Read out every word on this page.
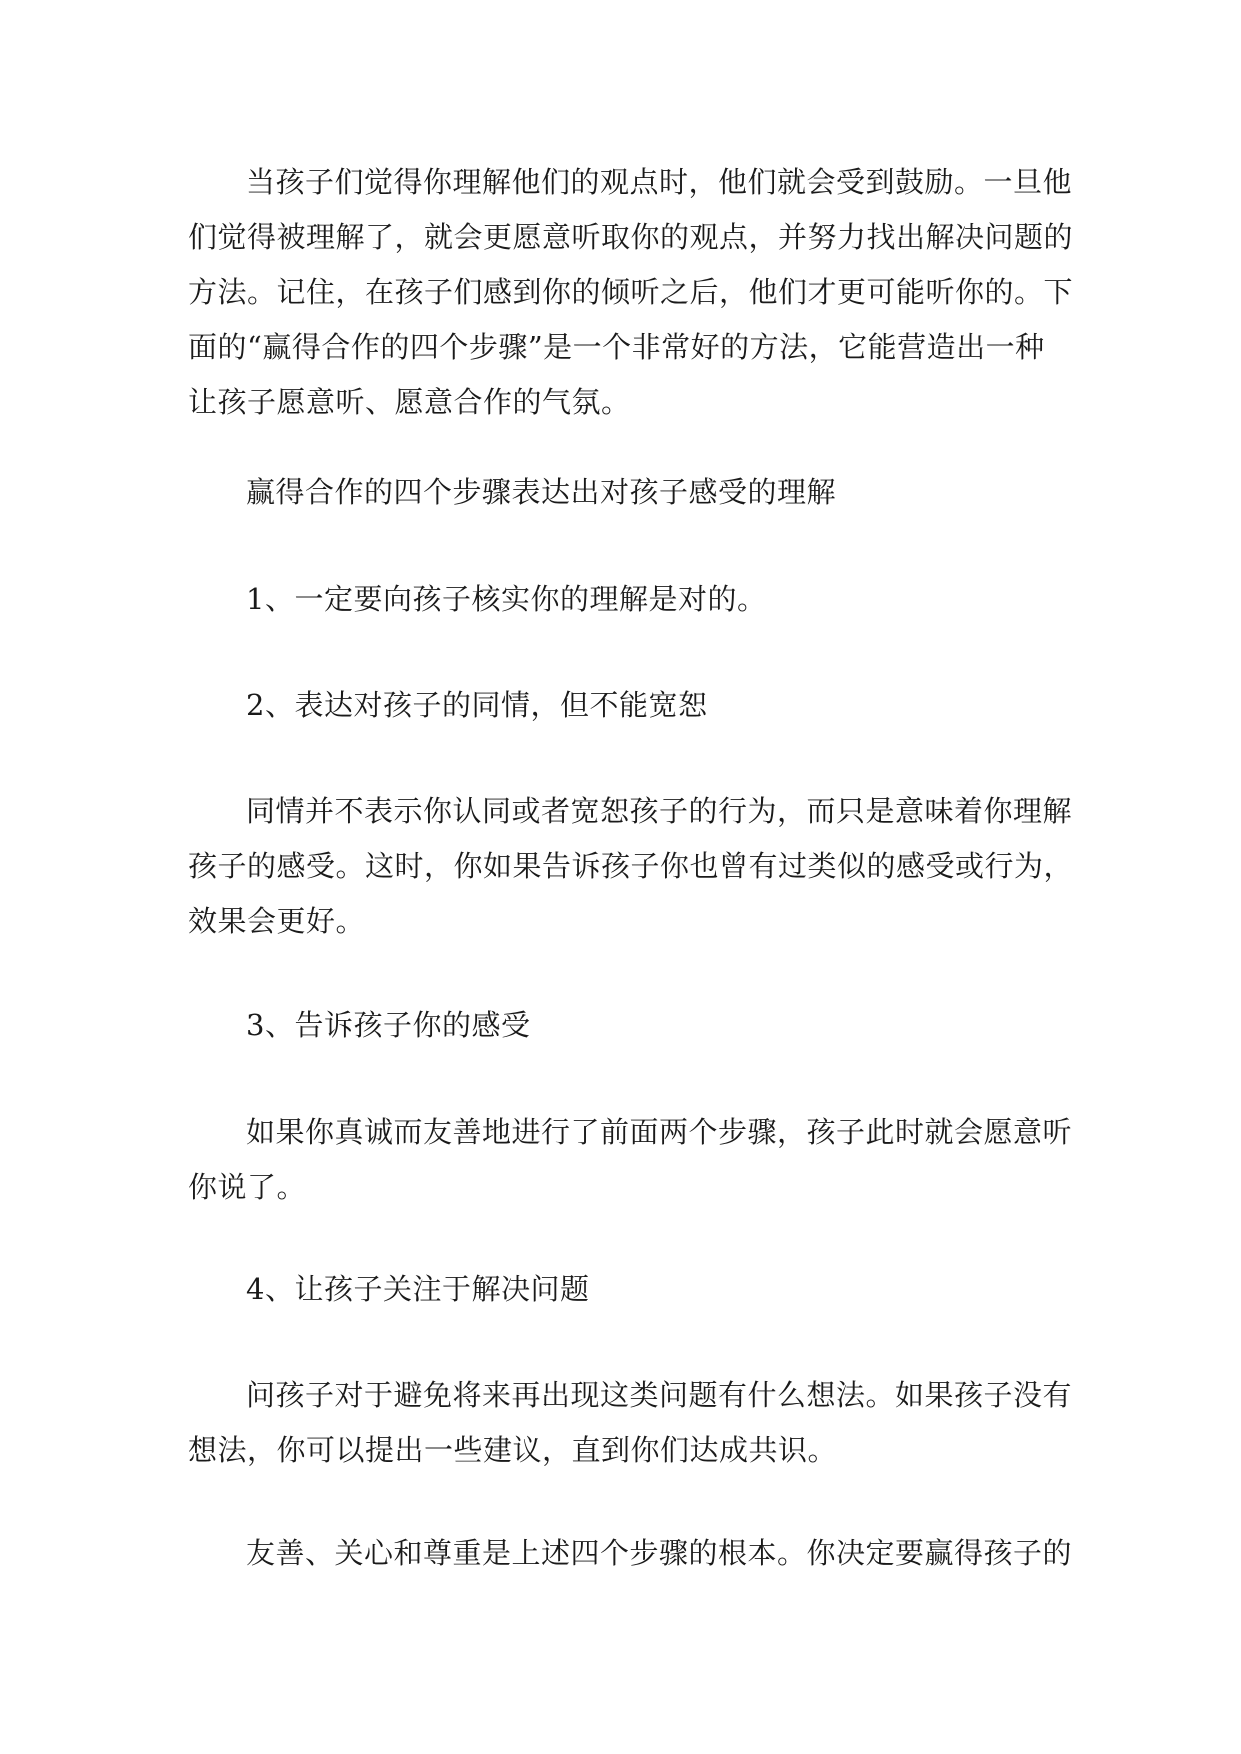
当孩子们觉得你理解他们的观点时，他们就会受到鼓励。一旦他
们觉得被理解了，就会更愿意听取你的观点，并努力找出解决问题的
方法。记住，在孩子们感到你的倾听之后，他们才更可能听你的。下
面的“赢得合作的四个步骤”是一个非常好的方法，它能营造出一种
让孩子愿意听、愿意合作的气氛。

赢得合作的四个步骤表达出对孩子感受的理解

1、一定要向孩子核实你的理解是对的。

2、表达对孩子的同情，但不能宽恕

同情并不表示你认同或者宽恕孩子的行为，而只是意味着你理解
孩子的感受。这时，你如果告诉孩子你也曾有过类似的感受或行为，
效果会更好。

3、告诉孩子你的感受

如果你真诚而友善地进行了前面两个步骤，孩子此时就会愿意听
你说了。

4、让孩子关注于解决问题

问孩子对于避免将来再出现这类问题有什么想法。如果孩子没有
想法，你可以提出一些建议，直到你们达成共识。

友善、关心和尊重是上述四个步骤的根本。你决定要赢得孩子的
